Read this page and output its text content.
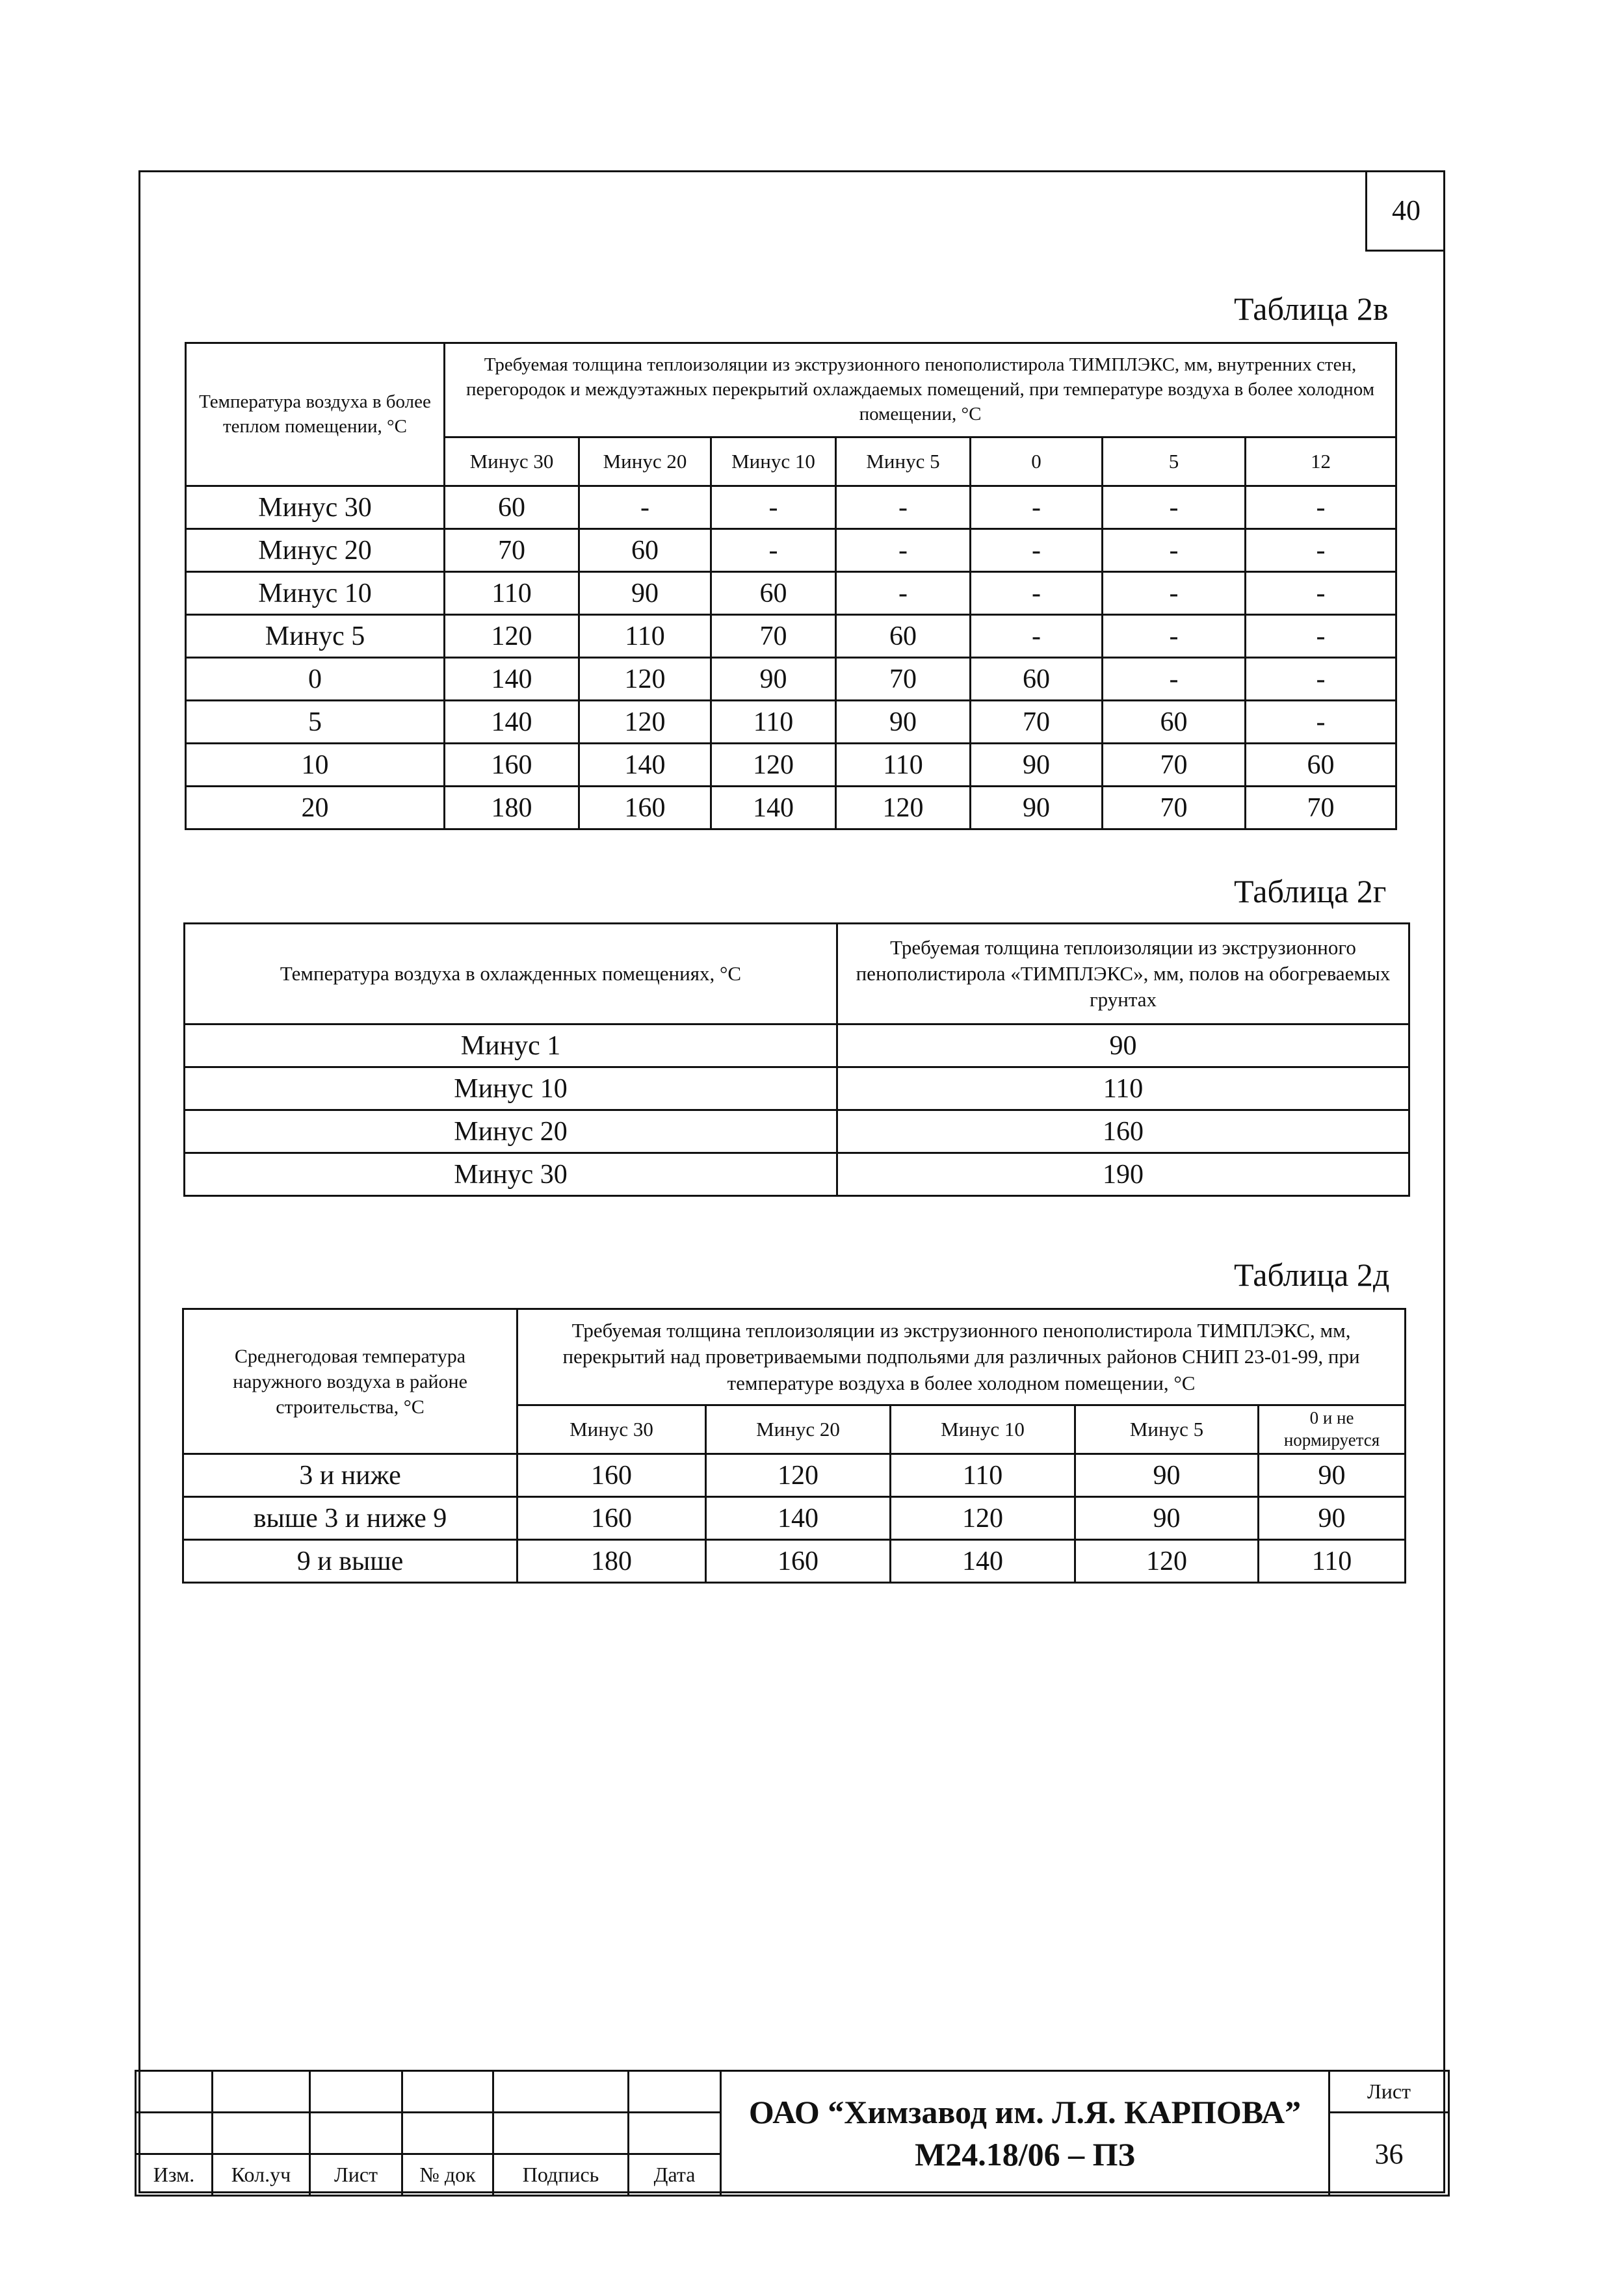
40
Таблица 2в
Температура воздуха в более теплом помещении, °С	Требуемая толщина теплоизоляции из экструзионного пенополистирола ТИМПЛЭКС, мм, внутренних стен, перегородок и междуэтажных перекрытий охлаждаемых помещений, при температуре воздуха в более холодном помещении, °С						
	Минус 30	Минус 20	Минус 10	Минус 5	0	5	12
Минус 30	60	-	-	-	-	-	-
Минус 20	70	60	-	-	-	-	-
Минус 10	110	90	60	-	-	-	-
Минус 5	120	110	70	60	-	-	-
0	140	120	90	70	60	-	-
5	140	120	110	90	70	60	-
10	160	140	120	110	90	70	60
20	180	160	140	120	90	70	70
Таблица 2г
Температура воздуха в охлажденных помещениях, °С	Требуемая толщина теплоизоляции из экструзионного пенополистирола «ТИМПЛЭКС», мм, полов на обогреваемых грунтах
Минус 1	90
Минус 10	110
Минус 20	160
Минус 30	190
Таблица 2д
Среднегодовая температура наружного воздуха в районе строительства, °С	Требуемая толщина теплоизоляции из экструзионного пенополистирола ТИМПЛЭКС, мм, перекрытий над проветриваемыми подпольями для различных районов СНИП 23-01-99, при температуре воздуха в более холодном помещении, °С				
	Минус 30	Минус 20	Минус 10	Минус 5	0 и не нормируется
3 и ниже	160	120	110	90	90
выше 3 и ниже 9	160	140	120	90	90
9 и выше	180	160	140	120	110

						ОАО “Химзавод им. Л.Я. КАРПОВА”
М24.18/06 – ПЗ	Лист
							36
Изм.	Кол.уч	Лист	№ док	Подпись	Дата		
